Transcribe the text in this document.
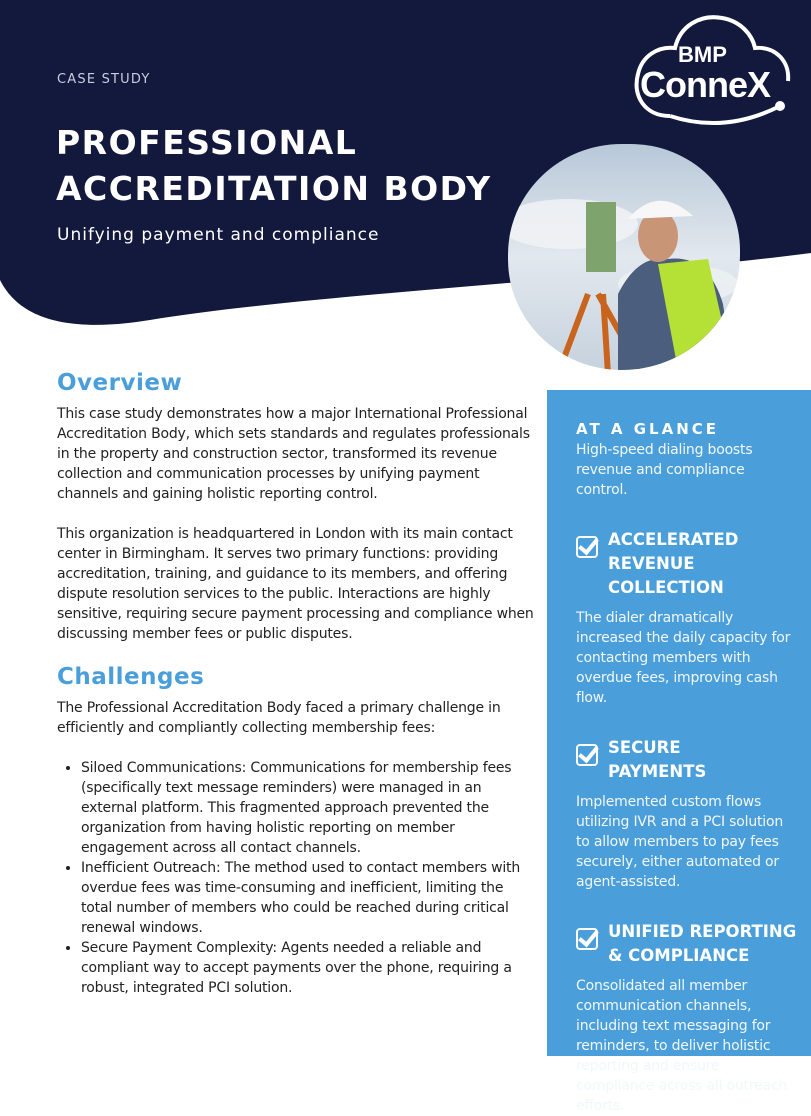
CASE STUDY
PROFESSIONAL ACCREDITATION BODY
Unifying payment and compliance
BMP
ConneX
Overview

This case study demonstrates how a major International Professional Accreditation Body, which sets standards and regulates professionals in the property and construction sector, transformed its revenue collection and communication processes by unifying payment channels and gaining holistic reporting control.

This organization is headquartered in London with its main contact center in Birmingham. It serves two primary functions: providing accreditation, training, and guidance to its members, and offering dispute resolution services to the public. Interactions are highly sensitive, requiring secure payment processing and compliance when discussing member fees or public disputes.

Challenges

The Professional Accreditation Body faced a primary challenge in efficiently and compliantly collecting membership fees:

• Siloed Communications: Communications for membership fees (specifically text message reminders) were managed in an external platform. This fragmented approach prevented the organization from having holistic reporting on member engagement across all contact channels.
• Inefficient Outreach: The method used to contact members with overdue fees was time-consuming and inefficient, limiting the total number of members who could be reached during critical renewal windows.
• Secure Payment Complexity: Agents needed a reliable and compliant way to accept payments over the phone, requiring a robust, integrated PCI solution.
AT A GLANCE

High-speed dialing boosts revenue and compliance control.

ACCELERATED REVENUE COLLECTION

The dialer dramatically increased the daily capacity for contacting members with overdue fees, improving cash flow.

SECURE PAYMENTS

Implemented custom flows utilizing IVR and a PCI solution to allow members to pay fees securely, either automated or agent-assisted.

UNIFIED REPORTING & COMPLIANCE

Consolidated all member communication channels, including text messaging for reminders, to deliver holistic reporting and ensure compliance across all outreach efforts.
